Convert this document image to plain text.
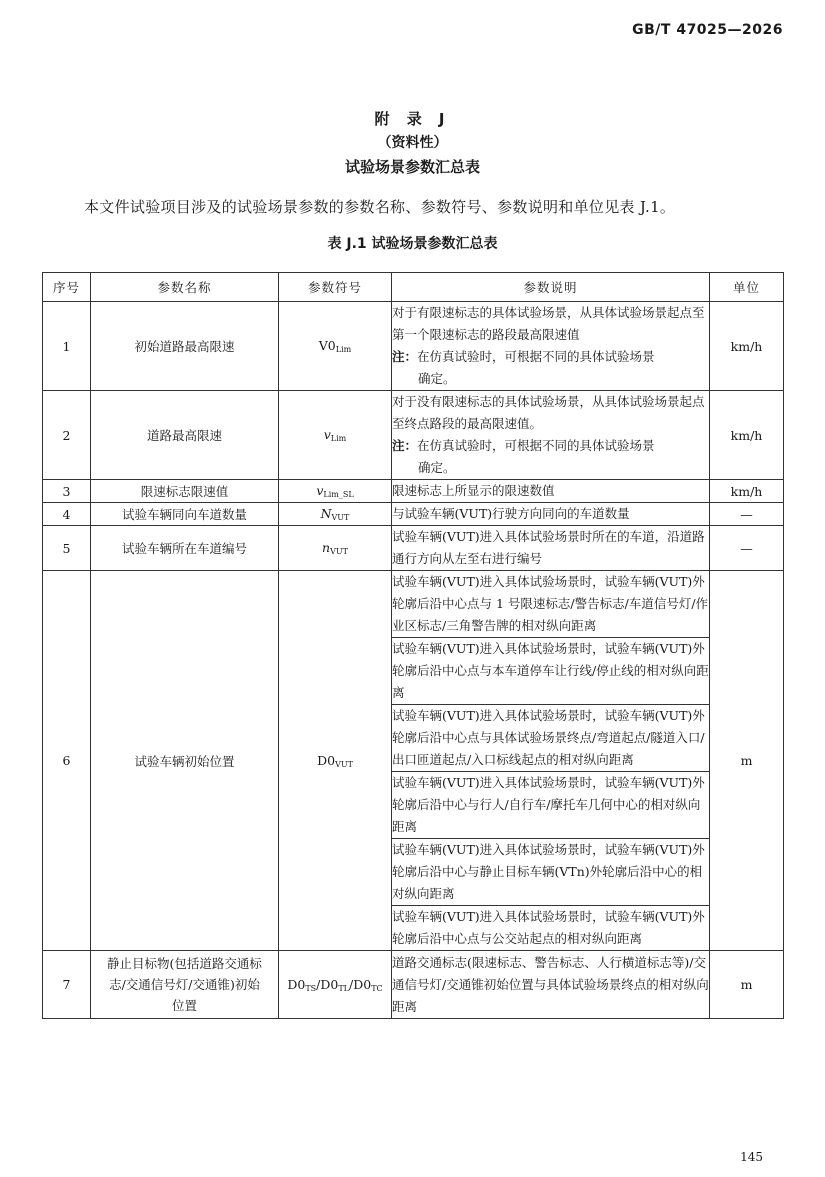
GB/T 47025—2026
附 录 J
（资料性）
试验场景参数汇总表
本文件试验项目涉及的试验场景参数的参数名称、参数符号、参数说明和单位见表 J.1。
表 J.1 试验场景参数汇总表
序号	参数名称	参数符号	参数说明	单位
1	初始道路最高限速	$V0_{Lim}$	对于有限速标志的具体试验场景，从具体试验场景起点至第一个限速标志的路段最高限速值
注：在仿真试验时，可根据不同的具体试验场景
确定。	km/h
2	道路最高限速	$v_{Lim}$	对于没有限速标志的具体试验场景，从具体试验场景起点至终点路段的最高限速值。
注：在仿真试验时，可根据不同的具体试验场景
确定。	km/h
3	限速标志限速值	$v_{Lim\_SL}$	限速标志上所显示的限速数值	km/h
4	试验车辆同向车道数量	$N_{VUT}$	与试验车辆(VUT)行驶方向同向的车道数量	—
5	试验车辆所在车道编号	$n_{VUT}$	试验车辆(VUT)进入具体试验场景时所在的车道，沿道路通行方向从左至右进行编号	—
6	试验车辆初始位置	$D0_{VUT}$	试验车辆(VUT)进入具体试验场景时，试验车辆(VUT)外轮廓后沿中心点与 1 号限速标志/警告标志/车道信号灯/作业区标志/三角警告牌的相对纵向距离	m
			试验车辆(VUT)进入具体试验场景时，试验车辆(VUT)外轮廓后沿中心点与本车道停车让行线/停止线的相对纵向距离	
			试验车辆(VUT)进入具体试验场景时，试验车辆(VUT)外轮廓后沿中心点与具体试验场景终点/弯道起点/隧道入口/出口匝道起点/入口标线起点的相对纵向距离	
			试验车辆(VUT)进入具体试验场景时，试验车辆(VUT)外轮廓后沿中心与行人/自行车/摩托车几何中心的相对纵向距离	
			试验车辆(VUT)进入具体试验场景时，试验车辆(VUT)外轮廓后沿中心与静止目标车辆(VTn)外轮廓后沿中心的相对纵向距离	
			试验车辆(VUT)进入具体试验场景时，试验车辆(VUT)外轮廓后沿中心点与公交站起点的相对纵向距离	
7	静止目标物(包括道路交通标志/交通信号灯/交通锥)初始位置	$D0_{TS}/D0_{TL}/D0_{TC}$	道路交通标志(限速标志、警告标志、人行横道标志等)/交通信号灯/交通锥初始位置与具体试验场景终点的相对纵向距离	m
145
